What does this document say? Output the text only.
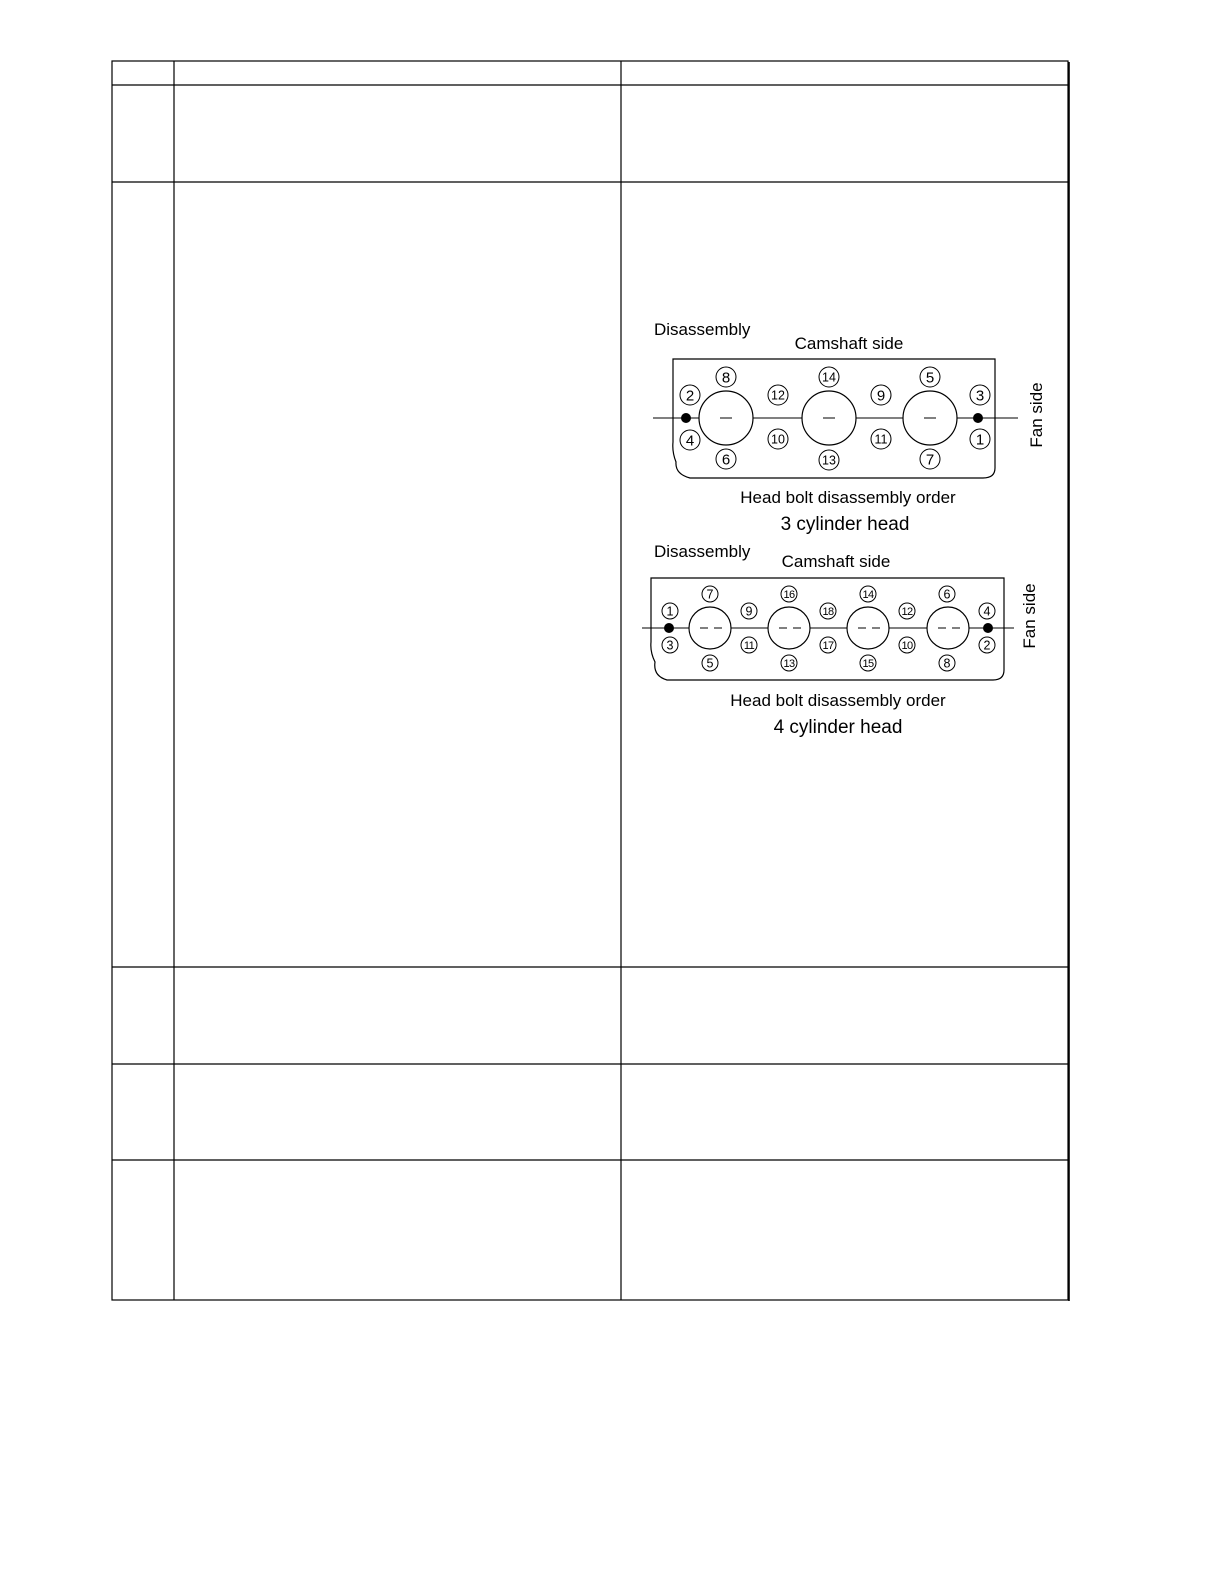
Disassembly
Camshaft side
Fan side
2
8
12
14
9
5
3
4
6
10
13
11
7
1
Head bolt disassembly order
3 cylinder head
Disassembly
Camshaft side
Fan side
1
7
9
16
18
14
12
6
4
3
5
11
13
17
15
10
8
2
Head bolt disassembly order
4 cylinder head
